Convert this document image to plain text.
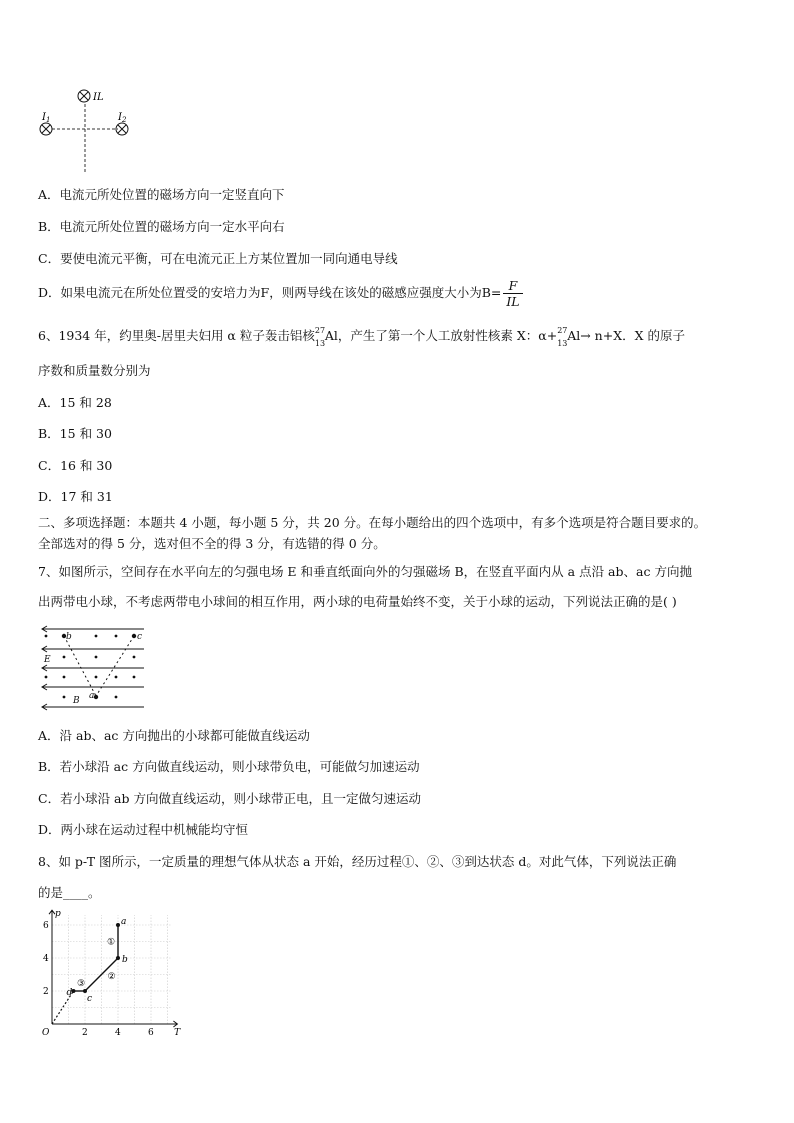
IL
$I_1$	$I_2$
A．电流元所处位置的磁场方向一定竖直向下
B．电流元所处位置的磁场方向一定水平向右
C．要使电流元平衡，可在电流元正上方某位置加一同向通电导线
D．如果电流元在所处位置受的安培力为F，则两导线在该处的磁感应强度大小为$B= \frac{F}{IL}$
6、1934 年，约里奥-居里夫妇用 α 粒子轰击铝核 27
13
Al，产生了第一个人工放射性核素 X：α+ 27
13
Al→ n+X．X 的原子
序数和质量数分别为
A．15 和 28
B．15 和 30
C．16 和 30
D．17 和 31
二、多项选择题：本题共 4 小题，每小题 5 分，共 20 分。在每小题给出的四个选项中，有多个选项是符合题目要求的。
全部选对的得 5 分，选对但不全的得 3 分，有选错的得 0 分。
7、如图所示，空间存在水平向左的匀强电场 E 和垂直纸面向外的匀强磁场 B，在竖直平面内从 a 点沿 ab、ac 方向抛
出两带电小球，不考虑两带电小球间的相互作用，两小球的电荷量始终不变，关于小球的运动，下列说法正确的是( )
b	c
E
a
B
A．沿 ab、ac 方向抛出的小球都可能做直线运动
B．若小球沿 ac 方向做直线运动，则小球带负电，可能做匀加速运动
C．若小球沿 ab 方向做直线运动，则小球带正电，且一定做匀速运动
D．两小球在运动过程中机械能均守恒
8、如 p-T 图所示，一定质量的理想气体从状态 a 开始，经历过程①、②、③到达状态 d。对此气体，下列说法正确
的是____。
T
p
O	2	4	6
2
4
6	a
b
c
d
①
②
③
